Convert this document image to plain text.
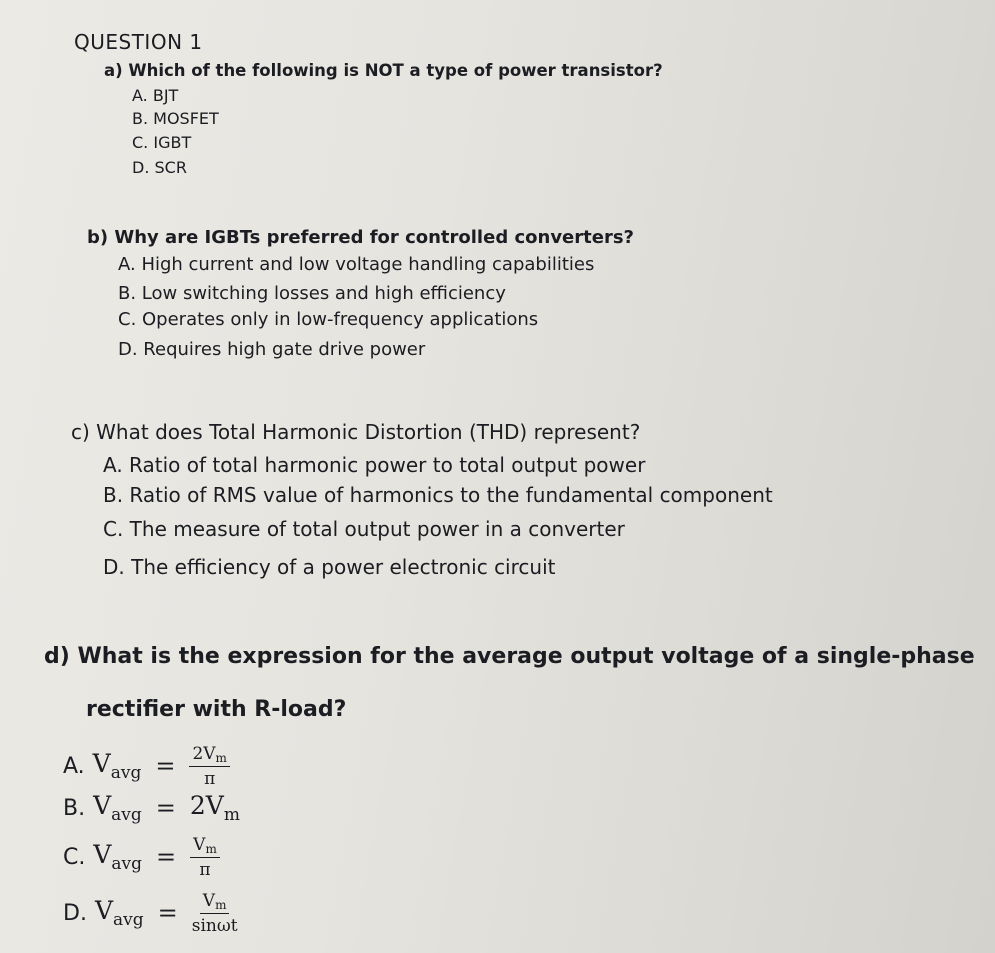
QUESTION 1
a) Which of the following is NOT a type of power transistor?
A. BJT
B. MOSFET
C. IGBT
D. SCR
b) Why are IGBTs preferred for controlled converters?
A. High current and low voltage handling capabilities
B. Low switching losses and high efficiency
C. Operates only in low-frequency applications
D. Requires high gate drive power
c) What does Total Harmonic Distortion (THD) represent?
A. Ratio of total harmonic power to total output power
B. Ratio of RMS value of harmonics to the fundamental component
C. The measure of total output power in a converter
D. The efficiency of a power electronic circuit
d) What is the expression for the average output voltage of a single-phase
rectifier with R-load?
A. $V_{avg} = \frac{2V_m}{\pi}$
B. $V_{avg} = 2V_m$
C. $V_{avg} = \frac{V_m}{\pi}$
D. $V_{avg} = \frac{V_m}{\sin\omega t}$
